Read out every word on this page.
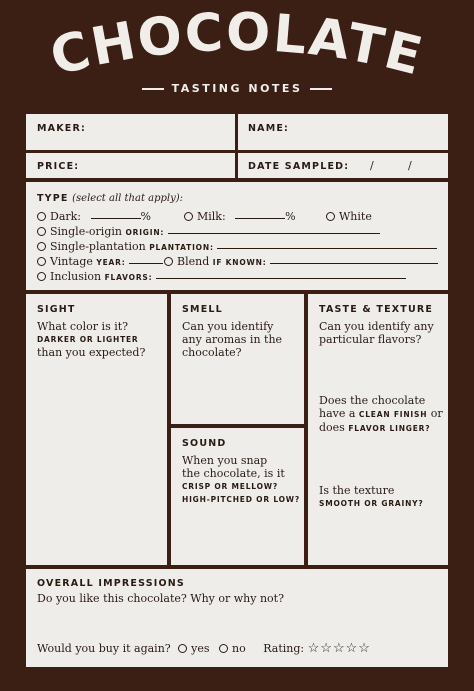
CHOCOLATE
TASTING NOTES
MAKER:	NAME:
PRICE:	DATE SAMPLED: /	/
TYPE (select all that apply):
Dark:	%	Milk:	%	White
Single-origin ORIGIN:
Single-plantation PLANTATION:
Vintage YEAR:	Blend IF KNOWN:
Inclusion FLAVORS:
SIGHT
What color is it?
DARKER OR LIGHTER
than you expected?
SMELL
Can you identify
any aromas in the
chocolate?
SOUND
When you snap
the chocolate, is it
CRISP OR MELLOW?
HIGH-PITCHED OR LOW?
TASTE & TEXTURE
Can you identify any
particular flavors?
Does the chocolate
have a CLEAN FINISH or
does FLAVOR LINGER?
Is the texture
SMOOTH OR GRAINY?
OVERALL IMPRESSIONS
Do you like this chocolate? Why or why not?
Would you buy it again? yes no Rating: ☆☆☆☆☆
